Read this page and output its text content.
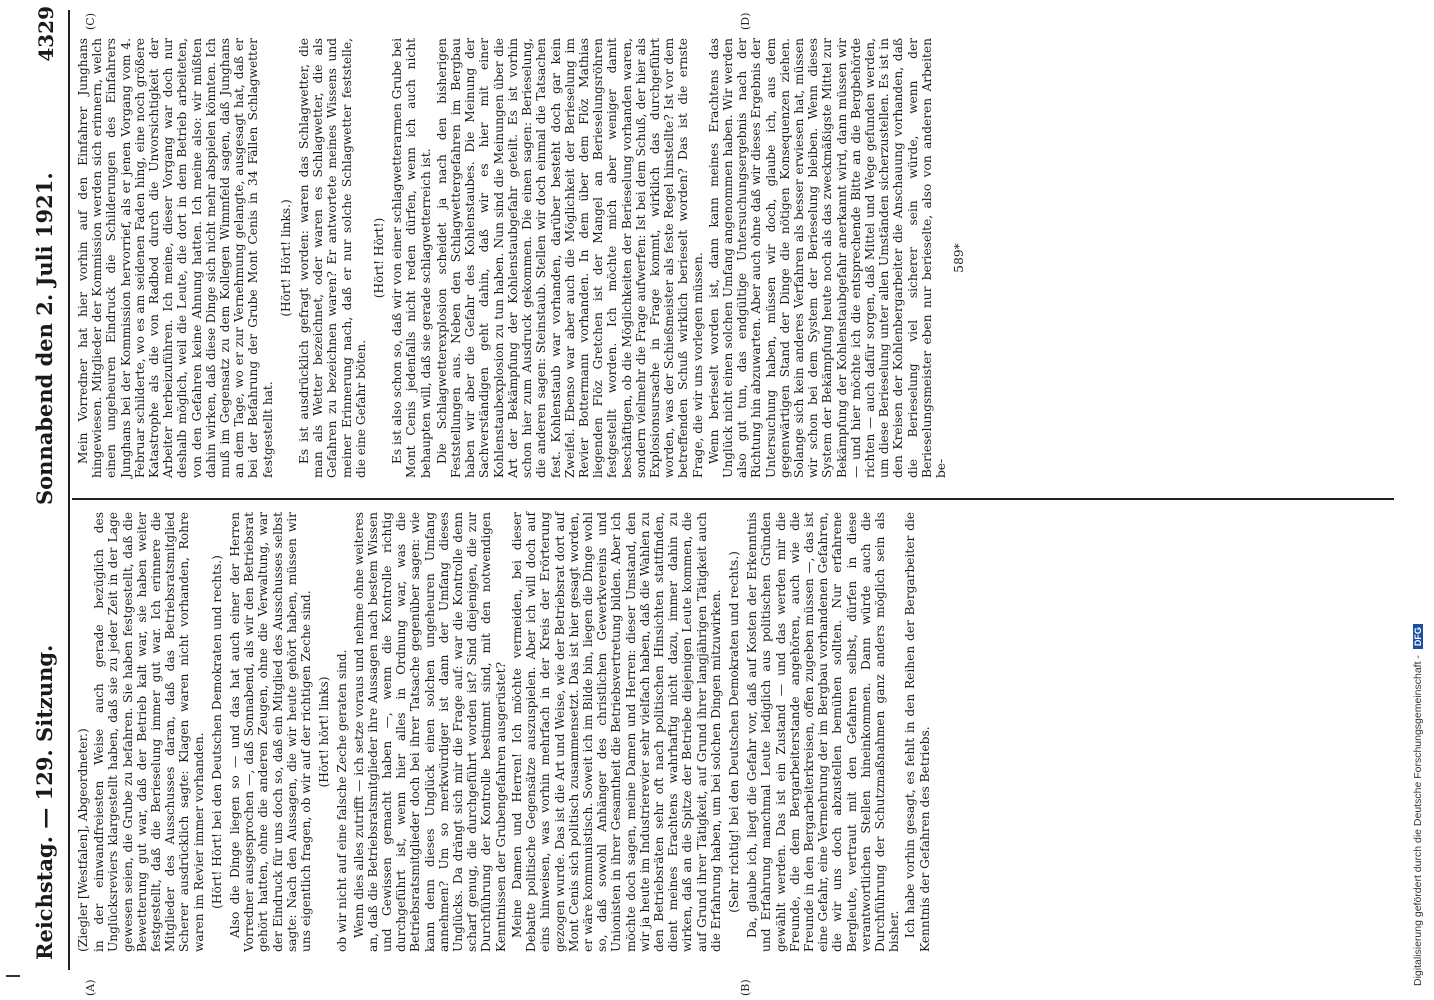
Reichstag. — 129. Sitzung.
Sonnabend den 2. Juli 1921.
4329
(A)	(B)
(C)	(D)

(Ziegler [Westfalen], Abgeordneter.) in der einwandfreiesten Weise auch gerade bezüglich des Unglücksreviers klargestellt haben, daß sie zu jeder Zeit in der Lage gewesen seien, die Grube zu befahren. Sie haben festgestellt, daß die Bewetterung gut war, daß der Betrieb kalt war, sie haben weiter festgestellt, daß die Berieselung immer gut war. Ich erinnere die Mitglieder des Ausschusses daran, daß das Betriebsratsmitglied Scherer ausdrücklich sagte: Klagen waren nicht vorhanden, Rohre waren im Revier immer vorhanden. (Hört! Hört! bei den Deutschen Demokraten und rechts.) Also die Dinge liegen so — und das hat auch einer der Herren Vorredner ausgesprochen —, daß Sonnabend, als wir den Betriebsrat gehört hatten, ohne die anderen Zeugen, ohne die Verwaltung, war der Eindruck für uns doch so, daß ein Mitglied des Ausschusses selbst sagte: Nach den Aussagen, die wir heute gehört haben, müssen wir uns eigentlich fragen, ob wir auf der richtigen Zeche sind. (Hört! hört! links) ob wir nicht auf eine falsche Zeche geraten sind. Wenn dies alles zutrifft — ich setze voraus und nehme ohne weiteres an, daß die Betriebsratsmitglieder ihre Aussagen nach bestem Wissen und Gewissen gemacht haben —, wenn die Kontrolle richtig durchgeführt ist, wenn hier alles in Ordnung war, was die Betriebsratsmitglieder doch bei ihrer Tatsache gegenüber sagen: wie kann denn dieses Unglück einen solchen ungeheuren Umfang annehmen? Um so merkwürdiger ist dann der Umfang dieses Unglücks. Da drängt sich mir die Frage auf: war die Kontrolle denn scharf genug, die durchgeführt worden ist? Sind diejenigen, die zur Durchführung der Kontrolle bestimmt sind, mit den notwendigen Kenntnissen der Grubengefahren ausgerüstet? Meine Damen und Herren! Ich möchte vermeiden, bei dieser Debatte politische Gegensätze auszuspielen. Aber ich will doch auf eins hinweisen, was vorhin mehrfach in der Kreis der Erörterung gezogen wurde. Das ist die Art und Weise, wie der Betriebsrat dort auf Mont Cenis sich politisch zusammensetzt. Das ist hier gesagt worden, er wäre kommunistisch. Soweit ich im Bilde bin, liegen die Dinge wohl so, daß sowohl Anhänger des christlichen Gewerkvereins und Unionisten in ihrer Gesamtheit die Betriebsvertretung bilden. Aber ich möchte doch sagen, meine Damen und Herren: dieser Umstand, den wir ja heute im Industrierevier sehr vielfach haben, daß die Wahlen zu den Betriebsräten sehr oft nach politischen Hinsichten stattfinden, dient meines Erachtens wahrhaftig nicht dazu, immer dahin zu wirken, daß an die Spitze der Betriebe diejenigen Leute kommen, die auf Grund ihrer Tätigkeit, auf Grund ihrer langjährigen Tätigkeit auch die Erfahrung haben, um bei solchen Dingen mitzuwirken. (Sehr richtig! bei den Deutschen Demokraten und rechts.) Da, glaube ich, liegt die Gefahr vor, daß auf Kosten der Erkenntnis und Erfahrung manchmal Leute lediglich aus politischen Gründen gewählt werden. Das ist ein Zustand — und das werden mir die Freunde, die dem Bergarbeiterstande angehören, auch wie die Freunde in den Bergarbeiterkreisen, offen zugeben müssen —, das ist eine Gefahr, eine Vermehrung der im Bergbau vorhandenen Gefahren, die wir uns doch abzustellen bemühen sollten. Nur erfahrene Bergleute, vertraut mit den Gefahren selbst, dürfen in diese verantwortlichen Stellen hineinkommen. Dann würde auch die Durchführung der Schutzmaßnahmen ganz anders möglich sein als bisher. Ich habe vorhin gesagt, es fehlt in den Reihen der Bergarbeiter die Kenntnis der Gefahren des Betriebs.

Mein Vorredner hat hier vorhin auf den Einfahrer Junghans hingewiesen. Mitglieder der Kommission werden sich erinnern, welch einen ungeheuren Eindruck die Schilderungen des Einfahrers Junghans bei der Kommission hervorrief, als er jenen Vorgang vom 4. Februar schilderte, wo es am seidenen Faden hing, eine noch größere Katastrophe als die von Radbod durch die Unvorsichtigkeit der Arbeiter herbeizuführen. Ich meine, dieser Vorgang war doch nur deshalb möglich, weil die Leute, die dort in dem Betrieb arbeiteten, von den Gefahren keine Ahnung hatten. Ich meine also: wir müßten dahin wirken, daß diese Dinge sich nicht mehr abspielen könnten. Ich muß im Gegensatz zu dem Kollegen Wimmfeld sagen, daß Junghans an dem Tage, wo er zur Vernehmung gelangte, ausgesagt hat, daß er bei der Befahrung der Grube Mont Cenis in 34 Fällen Schlagwetter festgestellt hat.

(Hört! Hört! links.) Es ist ausdrücklich gefragt worden: waren das Schlagwetter, die man als Wetter bezeichnet, oder waren es Schlagwetter, die als Gefahren zu bezeichnen waren? Er antwortete meines Wissens und meiner Erinnerung nach, daß er nur solche Schlagwetter feststelle, die eine Gefahr böten.

(Hört! Hört!) Es ist also schon so, daß wir von einer schlagwetterarmen Grube bei Mont Cenis jedenfalls nicht reden dürfen, wenn ich auch nicht behaupten will, daß sie gerade schlagwetterreich ist. Die Schlagwetterexplosion scheidet ja nach den bisherigen Feststellungen aus. Neben den Schlagwettergefahren im Bergbau haben wir aber die Gefahr des Kohlenstaubes. Die Meinung der Sachverständigen geht dahin, daß wir es hier mit einer Kohlenstaubexplosion zu tun haben. Nun sind die Meinungen über die Art der Bekämpfung der Kohlenstaubgefahr geteilt. Es ist vorhin schon hier zum Ausdruck gekommen. Die einen sagen: Berieselung, die anderen sagen: Steinstaub. Stellen wir doch einmal die Tatsachen fest. Kohlenstaub war vorhanden, darüber besteht doch gar kein Zweifel. Ebenso war aber auch die Möglichkeit der Berieselung im Revier Bottermann vorhanden. In dem über dem Flöz Mathias liegenden Flöz Gretchen ist der Mangel an Berieselungsröhren festgestellt worden. Ich möchte mich aber weniger damit beschäftigen, ob die Möglichkeiten der Berieselung vorhanden waren, sondern vielmehr die Frage aufwerfen: Ist bei dem Schuß, der hier als Explosionsursache in Frage kommt, wirklich das durchgeführt worden, was der Schießmeister als feste Regel hinstellte? Ist vor dem betreffenden Schuß wirklich berieselt worden? Das ist die ernste Frage, die wir uns vorlegen müssen. Wenn berieselt worden ist, dann kann meines Erachtens das Unglück nicht einen solchen Umfang angenommen haben. Wir werden also gut tun, das endgültige Untersuchungsergebnis nach der Richtung hin abzuwarten. Aber auch ohne daß wir dieses Ergebnis der Untersuchung haben, müssen wir doch, glaube ich, aus dem gegenwärtigen Stand der Dinge die nötigen Konsequenzen ziehen. Solange sich kein anderes Verfahren als besser erwiesen hat, müssen wir schon bei dem System der Berieselung bleiben. Wenn dieses System der Bekämpfung heute noch als das zweckmäßigste Mittel zur Bekämpfung der Kohlenstaubgefahr anerkannt wird, dann müssen wir — und hier möchte ich die entsprechende Bitte an die Bergbehörde richten — auch dafür sorgen, daß Mittel und Wege gefunden werden, um diese Berieselung unter allen Umständen sicherzustellen. Es ist in den Kreisen der Kohlenbergarbeiter die Anschauung vorhanden, daß die Berieselung viel sicherer sein würde, wenn der Berieselungsmeister eben nur berieselte, also von anderen Arbeiten be-

589*

Digitalisierung gefördert durch die Deutsche Forschungsgemeinschaft -DFG
